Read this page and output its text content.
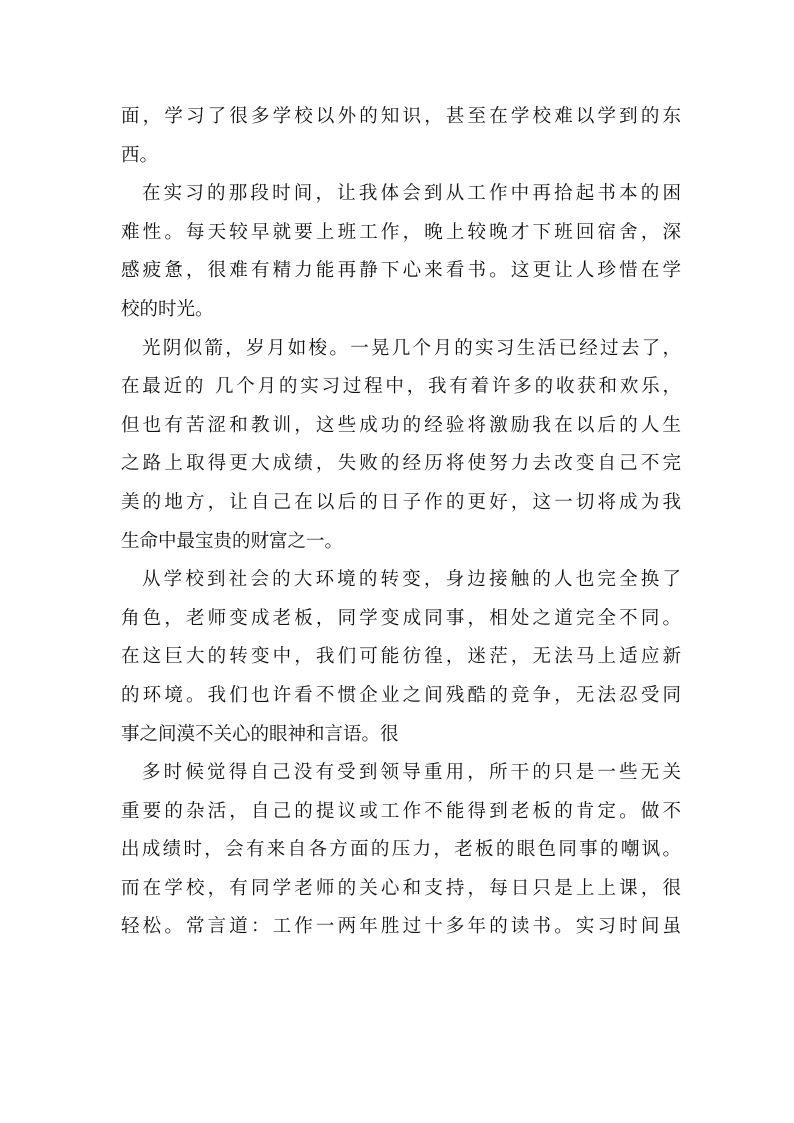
面，学习了很多学校以外的知识，甚至在学校难以学到的东
西。
在实习的那段时间，让我体会到从工作中再拾起书本的困
难性。每天较早就要上班工作，晚上较晚才下班回宿舍，深
感疲惫，很难有精力能再静下心来看书。这更让人珍惜在学
校的时光。
光阴似箭，岁月如梭。一晃几个月的实习生活已经过去了，
在最近的 几个月的实习过程中，我有着许多的收获和欢乐，
但也有苦涩和教训，这些成功的经验将激励我在以后的人生
之路上取得更大成绩，失败的经历将使努力去改变自己不完
美的地方，让自己在以后的日子作的更好，这一切将成为我
生命中最宝贵的财富之一。
从学校到社会的大环境的转变，身边接触的人也完全换了
角色，老师变成老板，同学变成同事，相处之道完全不同。
在这巨大的转变中，我们可能彷徨，迷茫，无法马上适应新
的环境。我们也许看不惯企业之间残酷的竞争，无法忍受同
事之间漠不关心的眼神和言语。很
多时候觉得自己没有受到领导重用，所干的只是一些无关
重要的杂活，自己的提议或工作不能得到老板的肯定。做不
出成绩时，会有来自各方面的压力，老板的眼色同事的嘲讽。
而在学校，有同学老师的关心和支持，每日只是上上课，很
轻松。常言道：工作一两年胜过十多年的读书。实习时间虽
